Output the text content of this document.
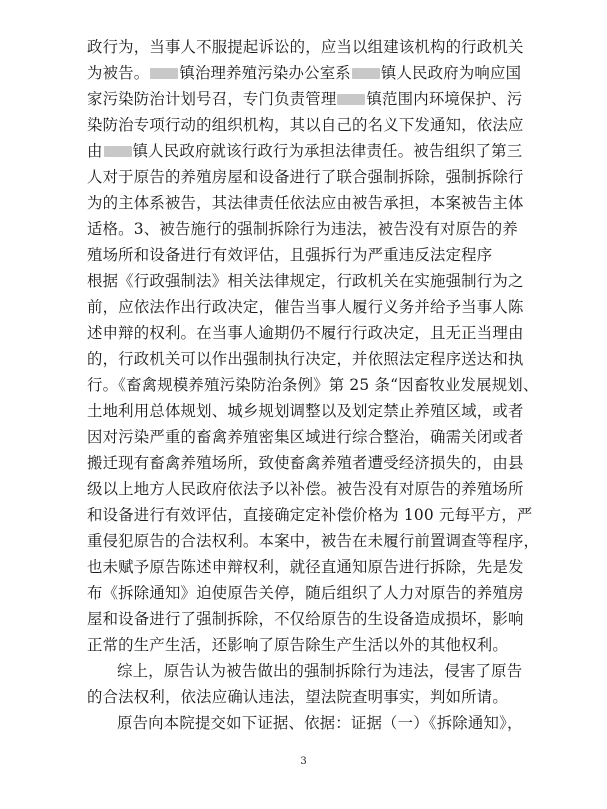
政行为，当事人不服提起诉讼的，应当以组建该机构的行政机关
为被告。 镇治理养殖污染办公室系 镇人民政府为响应国
家污染防治计划号召，专门负责管理 镇范围内环境保护、污
染防治专项行动的组织机构，其以自己的名义下发通知，依法应
由 镇人民政府就该行政行为承担法律责任。被告组织了第三
人对于原告的养殖房屋和设备进行了联合强制拆除，强制拆除行
为的主体系被告，其法律责任依法应由被告承担，本案被告主体
适格。3、被告施行的强制拆除行为违法，被告没有对原告的养
殖场所和设备进行有效评估，且强拆行为严重违反法定程序
根据《行政强制法》相关法律规定，行政机关在实施强制行为之
前，应依法作出行政决定，催告当事人履行义务并给予当事人陈
述申辩的权利。在当事人逾期仍不履行行政决定，且无正当理由
的，行政机关可以作出强制执行决定，并依照法定程序送达和执
行。《畜禽规模养殖污染防治条例》第 25 条“因畜牧业发展规划、
土地利用总体规划、城乡规划调整以及划定禁止养殖区域，或者
因对污染严重的畜禽养殖密集区域进行综合整治，确需关闭或者
搬迁现有畜禽养殖场所，致使畜禽养殖者遭受经济损失的，由县
级以上地方人民政府依法予以补偿。被告没有对原告的养殖场所
和设备进行有效评估，直接确定定补偿价格为 100 元每平方，严
重侵犯原告的合法权利。本案中，被告在未履行前置调查等程序，
也未赋予原告陈述申辩权利，就径直通知原告进行拆除，先是发
布《拆除通知》迫使原告关停，随后组织了人力对原告的养殖房
屋和设备进行了强制拆除，不仅给原告的生设备造成损坏，影响
正常的生产生活，还影响了原告除生产生活以外的其他权利。
综上，原告认为被告做出的强制拆除行为违法，侵害了原告
的合法权利，依法应确认违法，望法院查明事实，判如所请。
原告向本院提交如下证据、依据：证据（一）《拆除通知》，
3
